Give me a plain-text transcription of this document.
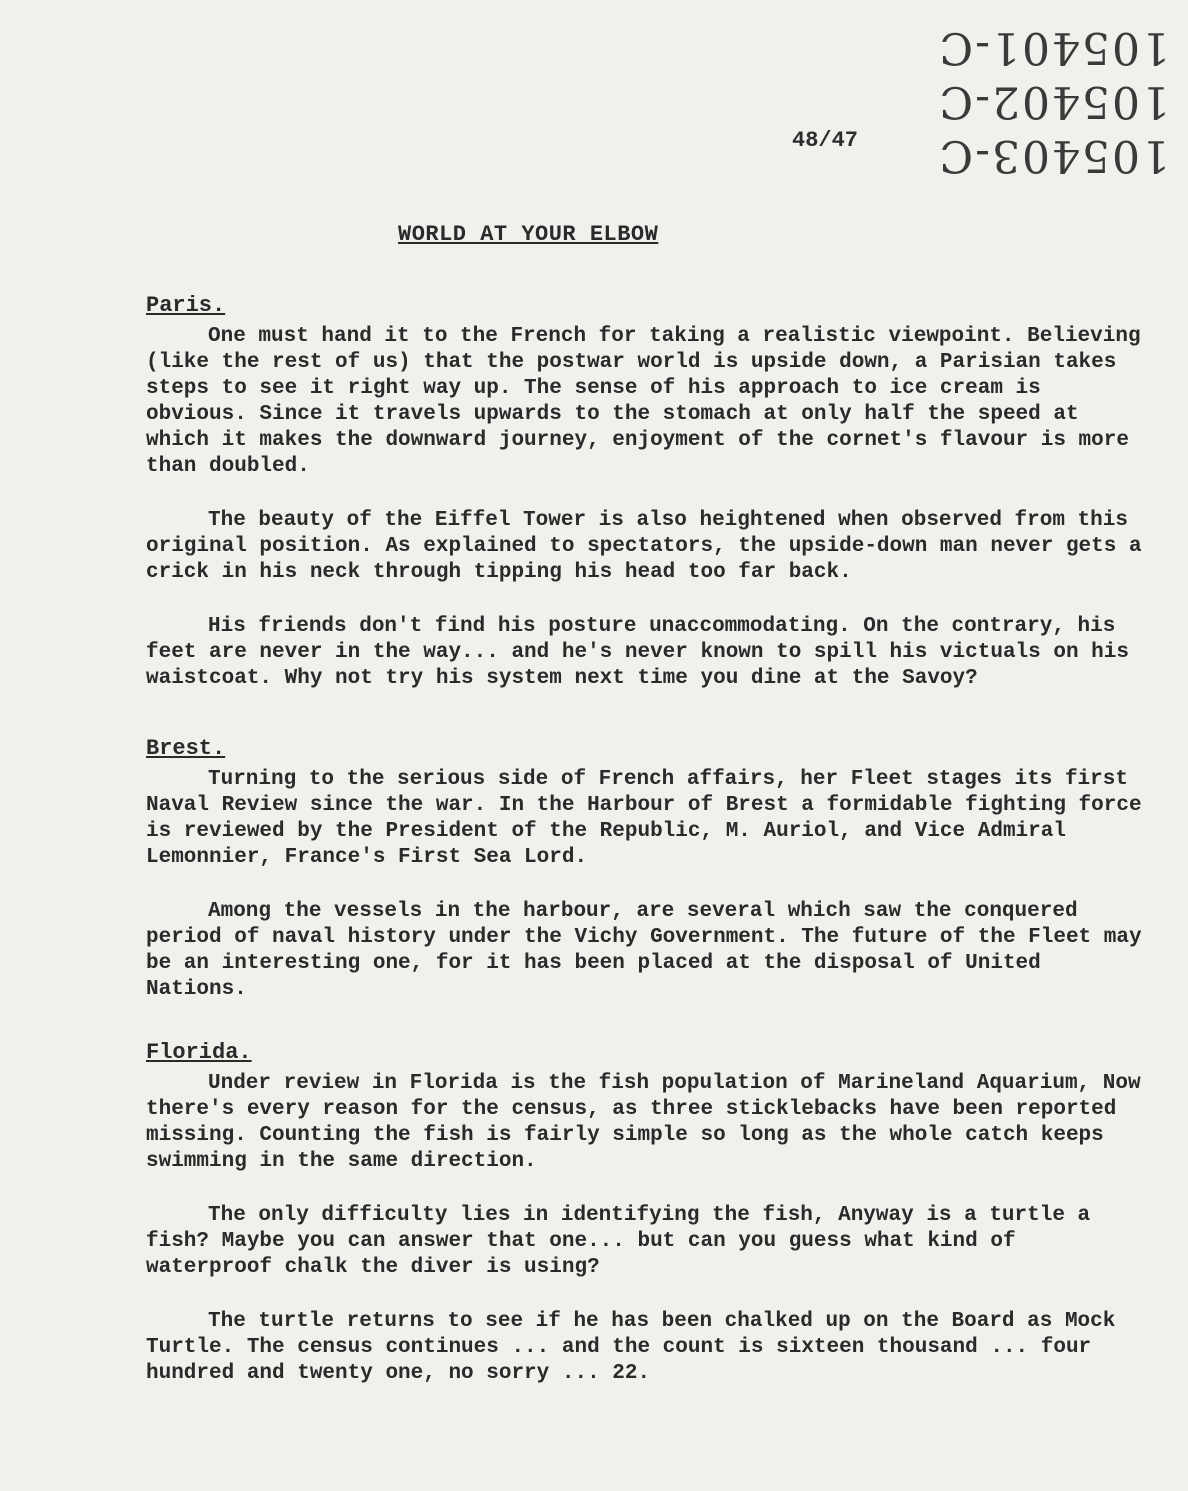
105403-C
105402-C
105401-C
48/47
WORLD AT YOUR ELBOW
Paris.

One must hand it to the French for taking a realistic viewpoint. Believing (like the rest of us) that the postwar world is upside down, a Parisian takes steps to see it right way up. The sense of his approach to ice cream is obvious. Since it travels upwards to the stomach at only half the speed at which it makes the downward journey, enjoyment of the cornet's flavour is more than doubled.

The beauty of the Eiffel Tower is also heightened when observed from this original position. As explained to spectators, the upside-down man never gets a crick in his neck through tipping his head too far back.

His friends don't find his posture unaccommodating. On the contrary, his feet are never in the way... and he's never known to spill his victuals on his waistcoat. Why not try his system next time you dine at the Savoy?

Brest.

Turning to the serious side of French affairs, her Fleet stages its first Naval Review since the war. In the Harbour of Brest a formidable fighting force is reviewed by the President of the Republic, M. Auriol, and Vice Admiral Lemonnier, France's First Sea Lord.

Among the vessels in the harbour, are several which saw the conquered period of naval history under the Vichy Government. The future of the Fleet may be an interesting one, for it has been placed at the disposal of United Nations.

Florida.

Under review in Florida is the fish population of Marineland Aquarium, Now there's every reason for the census, as three sticklebacks have been reported missing. Counting the fish is fairly simple so long as the whole catch keeps swimming in the same direction.

The only difficulty lies in identifying the fish, Anyway is a turtle a fish? Maybe you can answer that one... but can you guess what kind of waterproof chalk the diver is using?

The turtle returns to see if he has been chalked up on the Board as Mock Turtle. The census continues ... and the count is sixteen thousand ... four hundred and twenty one, no sorry ... 22.
